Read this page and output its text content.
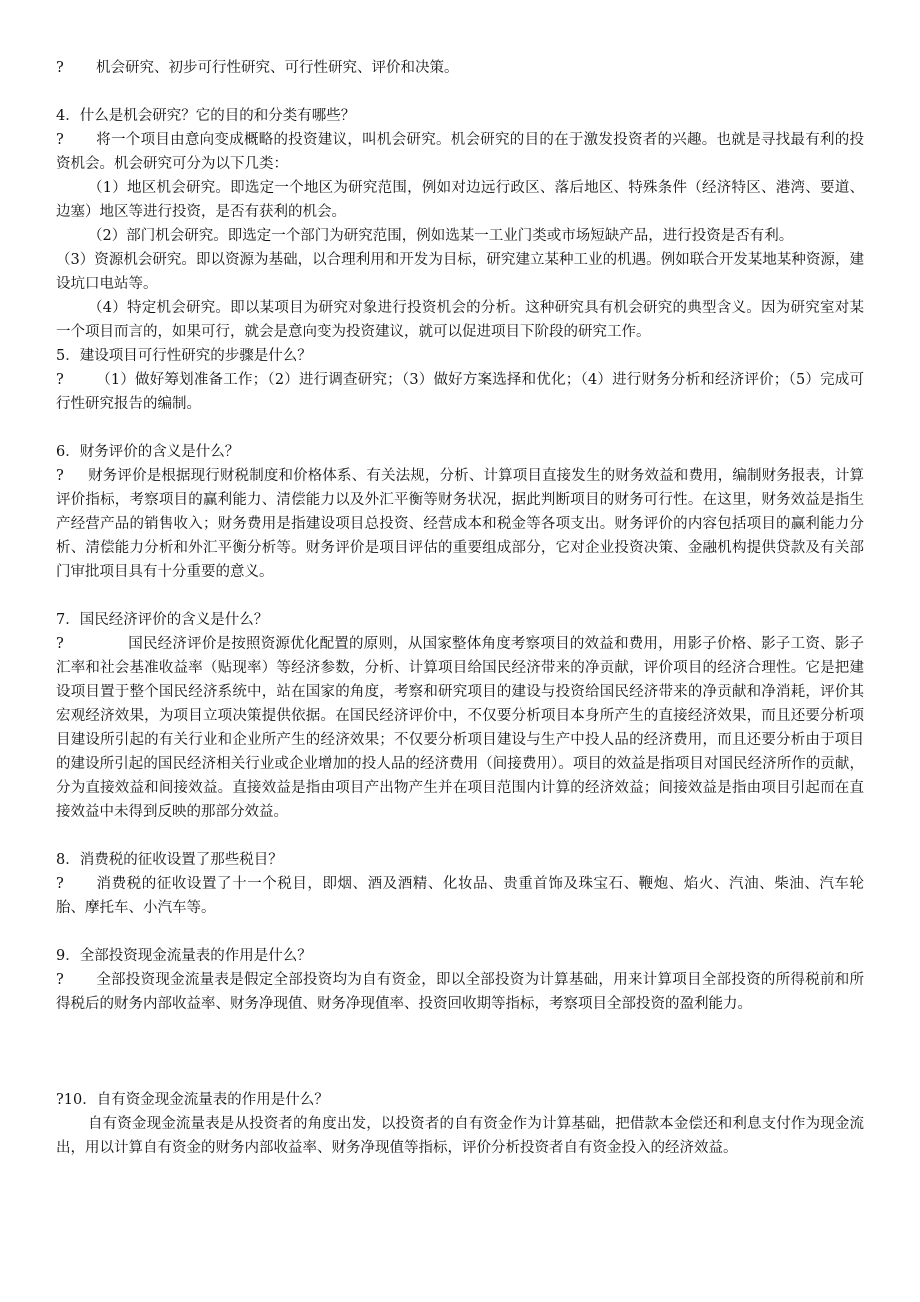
? 机会研究、初步可行性研究、可行性研究、评价和决策。

4．什么是机会研究？它的目的和分类有哪些？

? 将一个项目由意向变成概略的投资建议，叫机会研究。机会研究的目的在于激发投资者的兴趣。也就是寻找最有利的投资机会。机会研究可分为以下几类：

（1）地区机会研究。即选定一个地区为研究范围，例如对边远行政区、落后地区、特殊条件（经济特区、港湾、要道、边塞）地区等进行投资，是否有获利的机会。

（2）部门机会研究。即选定一个部门为研究范围，例如选某一工业门类或市场短缺产品，进行投资是否有利。

（3）资源机会研究。即以资源为基础，以合理利用和开发为目标，研究建立某种工业的机遇。例如联合开发某地某种资源，建设坑口电站等。

（4）特定机会研究。即以某项目为研究对象进行投资机会的分析。这种研究具有机会研究的典型含义。因为研究室对某一个项目而言的，如果可行，就会是意向变为投资建议，就可以促进项目下阶段的研究工作。

5．建设项目可行性研究的步骤是什么？

? （1）做好筹划准备工作；（2）进行调查研究；（3）做好方案选择和优化；（4）进行财务分析和经济评价；（5）完成可行性研究报告的编制。

6．财务评价的含义是什么？

? 财务评价是根据现行财税制度和价格体系、有关法规，分析、计算项目直接发生的财务效益和费用，编制财务报表，计算评价指标，考察项目的赢利能力、清偿能力以及外汇平衡等财务状况，据此判断项目的财务可行性。在这里，财务效益是指生产经营产品的销售收入；财务费用是指建设项目总投资、经营成本和税金等各项支出。财务评价的内容包括项目的赢利能力分析、清偿能力分析和外汇平衡分析等。财务评价是项目评估的重要组成部分，它对企业投资决策、金融机构提供贷款及有关部门审批项目具有十分重要的意义。

7．国民经济评价的含义是什么？

?	国民经济评价是按照资源优化配置的原则，从国家整体角度考察项目的效益和费用，用影子价格、影子工资、影子汇率和社会基准收益率（贴现率）等经济参数，分析、计算项目给国民经济带来的净贡献，评价项目的经济合理性。它是把建设项目置于整个国民经济系统中，站在国家的角度，考察和研究项目的建设与投资给国民经济带来的净贡献和净消耗，评价其宏观经济效果，为项目立项决策提供依据。在国民经济评价中，不仅要分析项目本身所产生的直接经济效果，而且还要分析项目建设所引起的有关行业和企业所产生的经济效果；不仅要分析项目建设与生产中投人品的经济费用，而且还要分析由于项目的建设所引起的国民经济相关行业或企业增加的投人品的经济费用（间接费用）。项目的效益是指项目对国民经济所作的贡献，分为直接效益和间接效益。直接效益是指由项目产出物产生并在项目范围内计算的经济效益；间接效益是指由项目引起而在直接效益中未得到反映的那部分效益。

8．消费税的征收设置了那些税目？

? 消费税的征收设置了十一个税目，即烟、酒及酒精、化妆品、贵重首饰及珠宝石、鞭炮、焰火、汽油、柴油、汽车轮胎、摩托车、小汽车等。

9．全部投资现金流量表的作用是什么？

? 全部投资现金流量表是假定全部投资均为自有资金，即以全部投资为计算基础，用来计算项目全部投资的所得税前和所得税后的财务内部收益率、财务净现值、财务净现值率、投资回收期等指标，考察项目全部投资的盈利能力。

?10．自有资金现金流量表的作用是什么？

自有资金现金流量表是从投资者的角度出发，以投资者的自有资金作为计算基础，把借款本金偿还和利息支付作为现金流出，用以计算自有资金的财务内部收益率、财务净现值等指标，评价分析投资者自有资金投入的经济效益。
